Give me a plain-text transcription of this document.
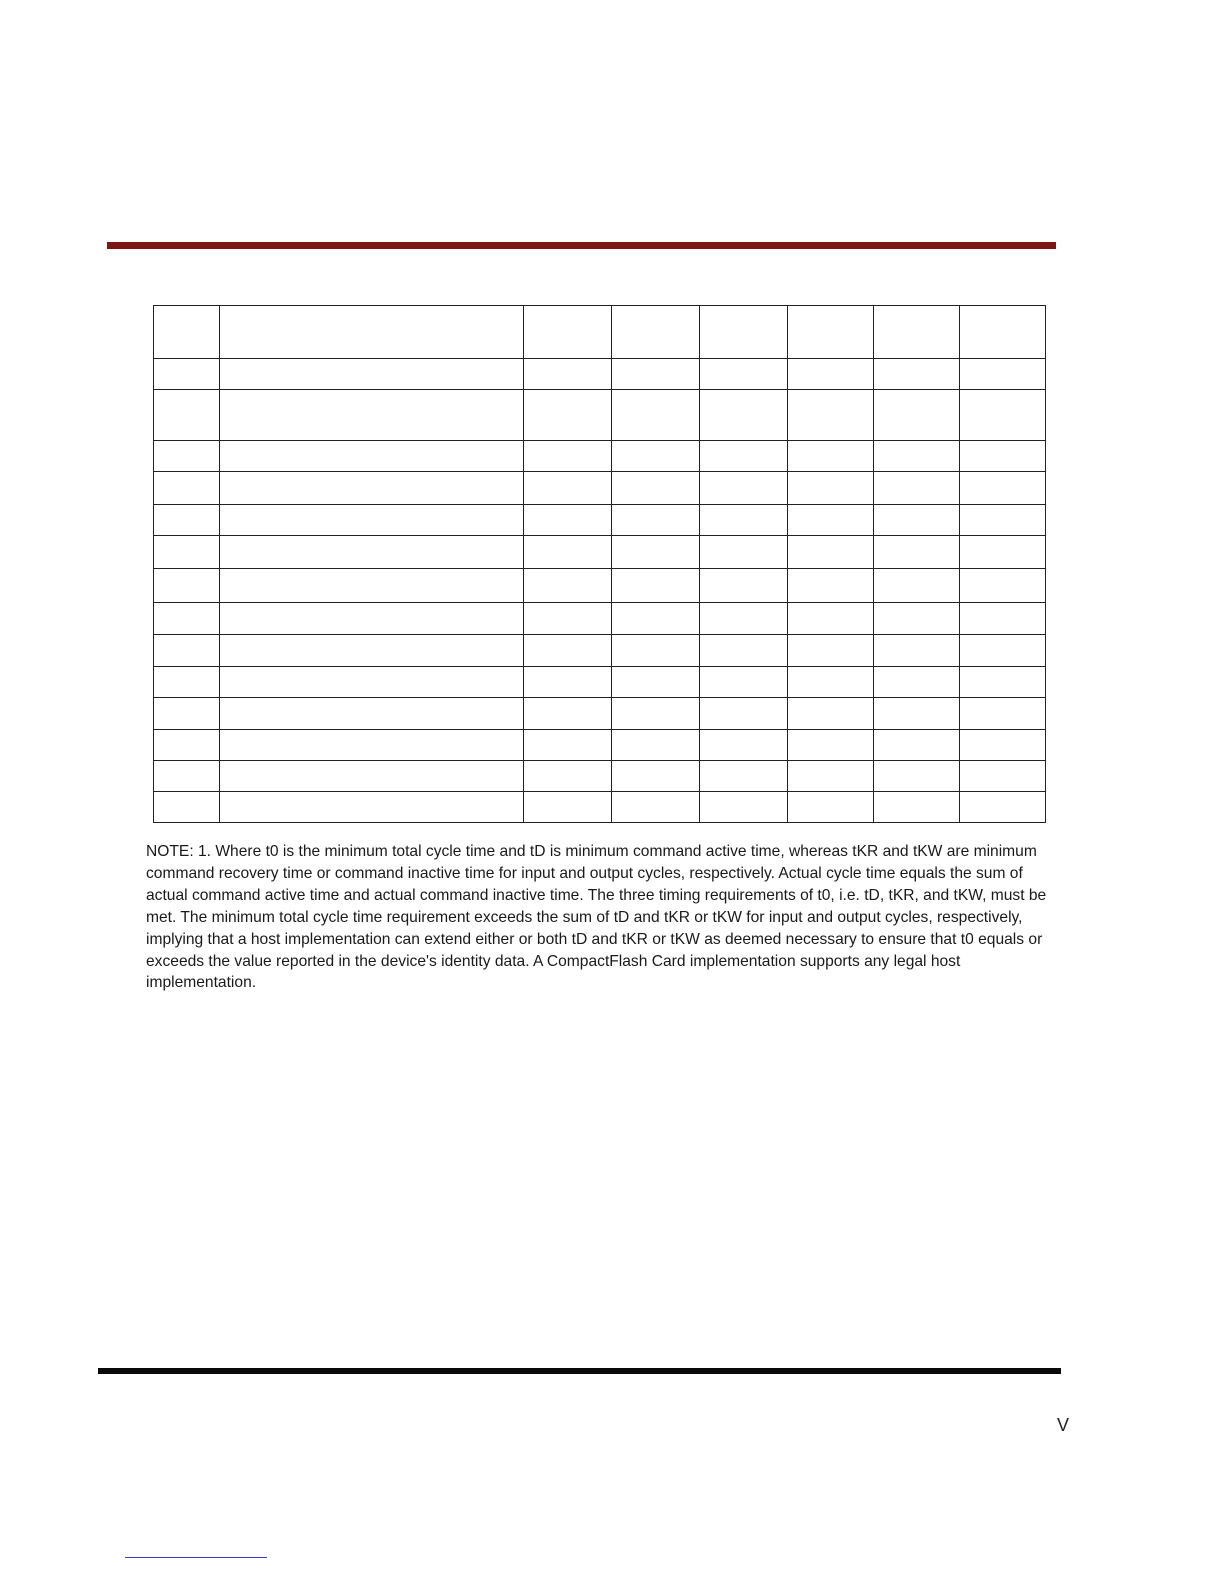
NOTE: 1. Where t0 is the minimum total cycle time and tD is minimum command active time, whereas tKR and tKW are minimum command recovery time or command inactive time for input and output cycles, respectively. Actual cycle time equals the sum of actual command active time and actual command inactive time. The three timing requirements of t0, i.e. tD, tKR, and tKW, must be met. The minimum total cycle time requirement exceeds the sum of tD and tKR or tKW for input and output cycles, respectively, implying that a host implementation can extend either or both tD and tKR or tKW as deemed necessary to ensure that t0 equals or exceeds the value reported in the device's identity data. A CompactFlash Card implementation supports any legal host implementation.

V
